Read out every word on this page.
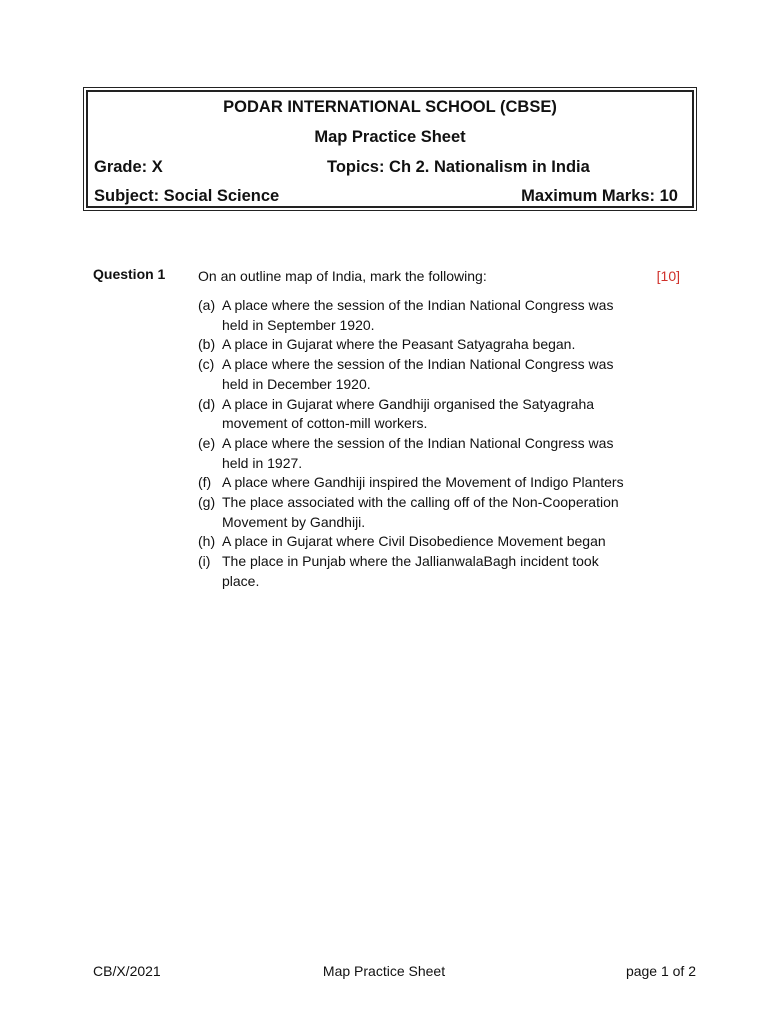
PODAR INTERNATIONAL SCHOOL (CBSE)
Map Practice Sheet
Grade: X	Topics: Ch 2. Nationalism in India
Subject: Social Science	Maximum Marks: 10
Question 1 On an outline map of India, mark the following:	[10]
(a) A place where the session of the Indian National Congress was held in September 1920.
(b) A place in Gujarat where the Peasant Satyagraha began.
(c) A place where the session of the Indian National Congress was held in December 1920.
(d) A place in Gujarat where Gandhiji organised the Satyagraha movement of cotton-mill workers.
(e) A place where the session of the Indian National Congress was held in 1927.
(f) A place where Gandhiji inspired the Movement of Indigo Planters
(g) The place associated with the calling off of the Non-Cooperation Movement by Gandhiji.
(h) A place in Gujarat where Civil Disobedience Movement began
(i) The place in Punjab where the JallianwalaBagh incident took place.
CB/X/2021	Map Practice Sheet	page 1 of 2
